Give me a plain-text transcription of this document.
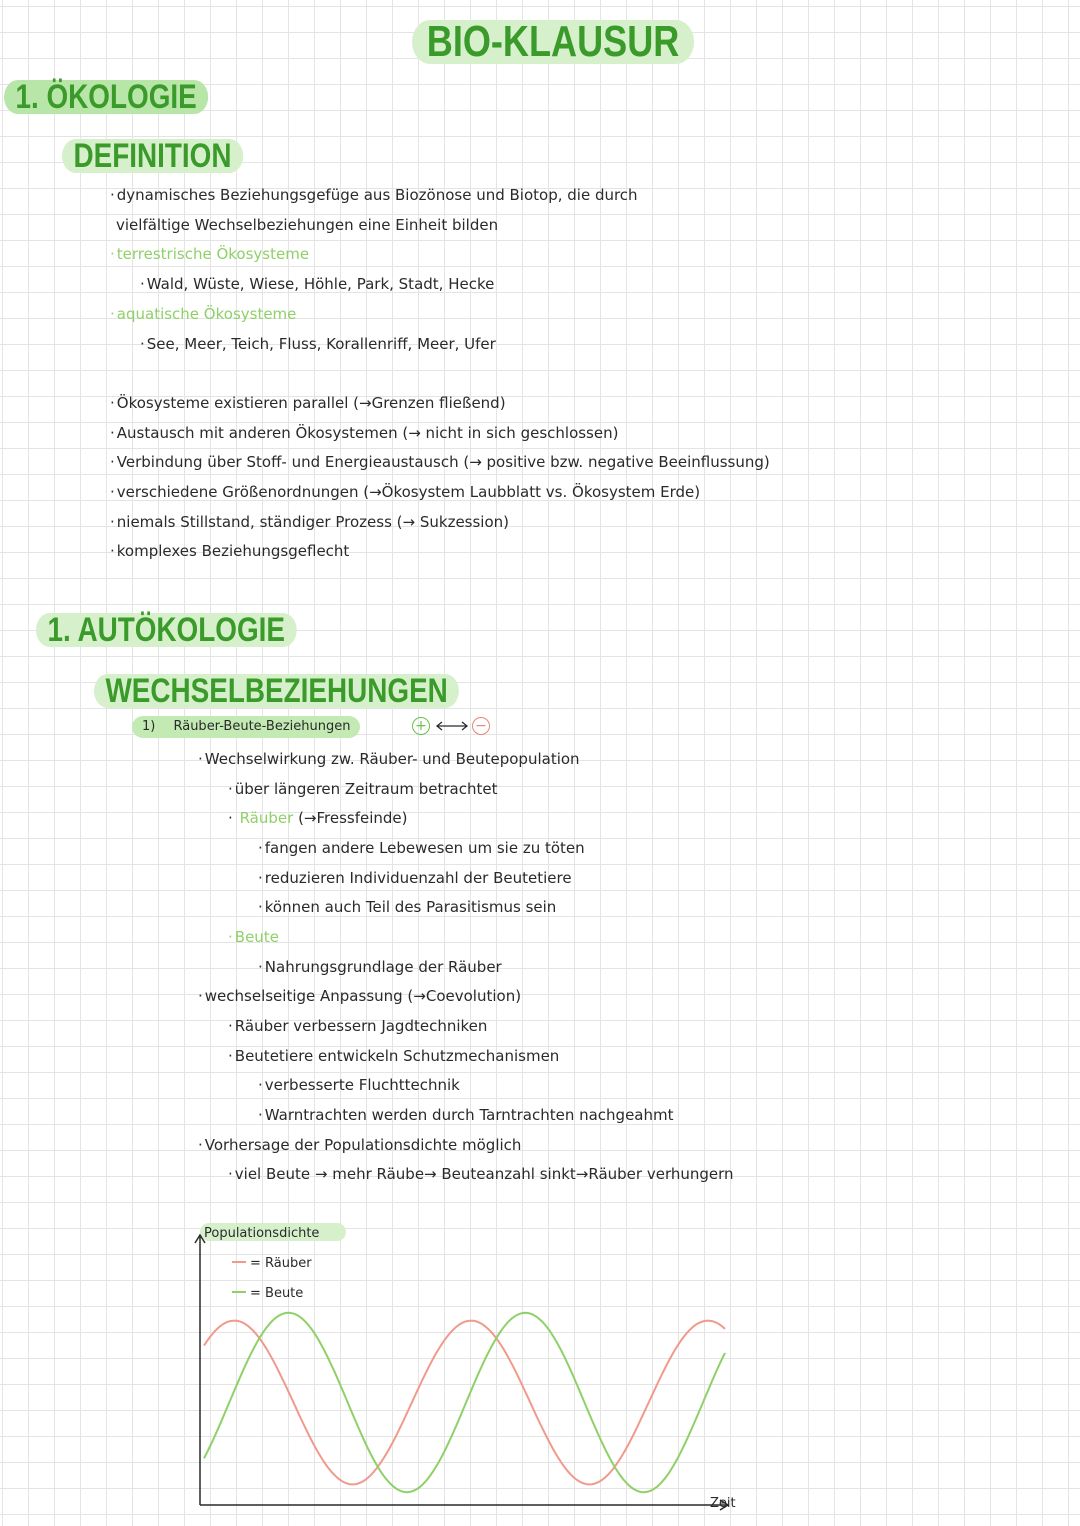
BIO-KLAUSUR
1. ÖKOLOGIE
DEFINITION
· dynamisches Beziehungsgefüge aus Biozönose und Biotop, die durch
vielfältige Wechselbeziehungen eine Einheit bilden
· terrestrische Ökosysteme
· Wald, Wüste, Wiese, Höhle, Park, Stadt, Hecke
· aquatische Ökosysteme
· See, Meer, Teich, Fluss, Korallenriff, Meer, Ufer
· Ökosysteme existieren parallel (→Grenzen fließend)
· Austausch mit anderen Ökosystemen (→ nicht in sich geschlossen)
· Verbindung über Stoff- und Energieaustausch (→ positive bzw. negative Beeinflussung)
· verschiedene Größenordnungen (→Ökosystem Laubblatt vs. Ökosystem Erde)
· niemals Stillstand, ständiger Prozess (→ Sukzession)
· komplexes Beziehungsgeflecht
1. AUTÖKOLOGIE
WECHSELBEZIEHUNGEN
1) Räuber-Beute-Beziehungen	+	−
· Wechselwirkung zw. Räuber- und Beutepopulation
· über längeren Zeitraum betrachtet
· Räuber (→Fressfeinde)
· fangen andere Lebewesen um sie zu töten
· reduzieren Individuenzahl der Beutetiere
· können auch Teil des Parasitismus sein
· Beute
· Nahrungsgrundlage der Räuber
· wechselseitige Anpassung (→Coevolution)
· Räuber verbessern Jagdtechniken
· Beutetiere entwickeln Schutzmechanismen
· verbesserte Fluchttechnik
· Warntrachten werden durch Tarntrachten nachgeahmt
· Vorhersage der Populationsdichte möglich
· viel Beute → mehr Räube→ Beuteanzahl sinkt→Räuber verhungern
Populationsdichte
Zeit
= Räuber
= Beute
